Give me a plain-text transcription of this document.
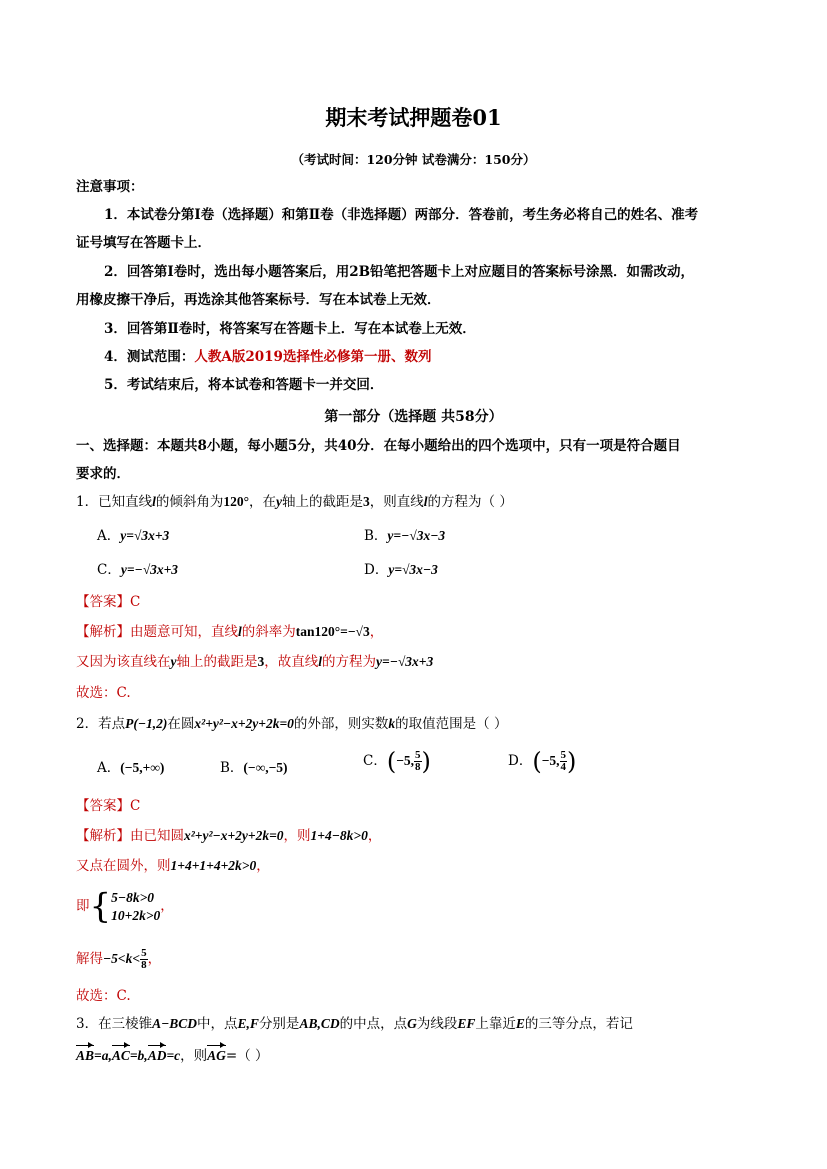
期末考试押题卷01
（考试时间：120分钟 试卷满分：150分）
注意事项：
1．本试卷分第Ⅰ卷（选择题）和第Ⅱ卷（非选择题）两部分．答卷前，考生务必将自己的姓名、准考
证号填写在答题卡上．
2．回答第Ⅰ卷时，选出每小题答案后，用2B铅笔把答题卡上对应题目的答案标号涂黑．如需改动，
用橡皮擦干净后，再选涂其他答案标号．写在本试卷上无效．
3．回答第Ⅱ卷时，将答案写在答题卡上．写在本试卷上无效．
4．测试范围：人教A版2019选择性必修第一册、数列
5．考试结束后，将本试卷和答题卡一并交回．
第一部分（选择题 共58分）
一、选择题：本题共8小题，每小题5分，共40分．在每小题给出的四个选项中，只有一项是符合题目
要求的．
1．已知直线l的倾斜角为120°，在y轴上的截距是3，则直线l的方程为（ ）
A．y=√3x+3	B．y=−√3x−3
C．y=−√3x+3	D．y=√3x−3
【答案】C
【解析】由题意可知，直线l的斜率为tan120°=−√3，
又因为该直线在y轴上的截距是3，故直线l的方程为y=−√3x+3
故选：C.
2．若点P(−1,2)在圆x²+y²−x+2y+2k=0的外部，则实数k的取值范围是（ ）
A．(−5,+∞)	B．(−∞,−5)	C．(−5, $\frac{5}{8}$ )	D．(−5, $\frac{5}{4}$ )
【答案】C
【解析】由已知圆x²+y²−x+2y+2k=0，则1+4−8k>0，
又点在圆外，则1+4+1+4+2k>0，
即{ 5−8k>0
10+2k>0
，
解得$-5<k< \frac{5}{8}$ ，
故选：C.
3．在三棱锥A−BCD中，点E,F分别是AB,CD的中点，点G为线段EF上靠近E的三等分点，若记
AB=a,AC=b,AD=c，则AG=（ ）
